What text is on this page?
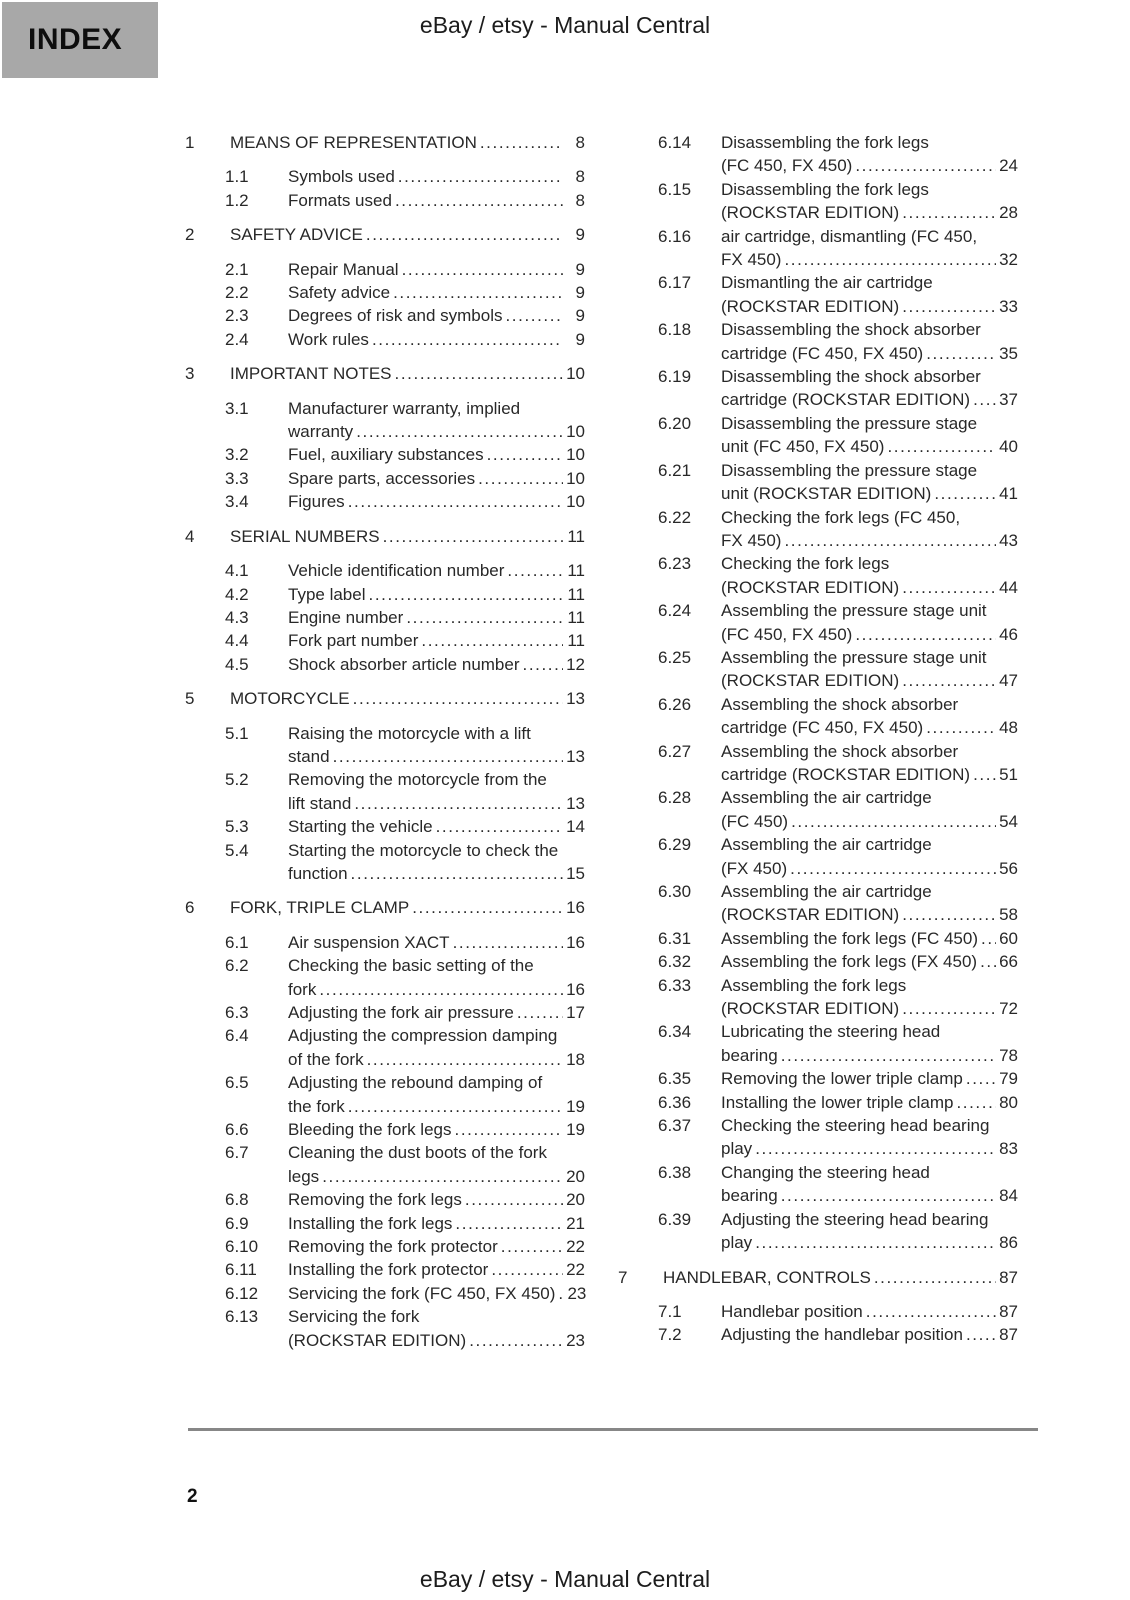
INDEX	eBay / etsy - Manual Central
1 MEANS OF REPRESENTATION .....	8
1.1 Symbols used .....	8
1.2 Formats used .....	8
2 SAFETY ADVICE .....	9
2.1 Repair Manual .....	9
2.2 Safety advice .....	9
2.3 Degrees of risk and symbols .....	9
2.4 Work rules .....	9
3 IMPORTANT NOTES .....	10
3.1 Manufacturer warranty, implied
warranty .....	10
3.2 Fuel, auxiliary substances .....	10
3.3 Spare parts, accessories .....	10
3.4 Figures .....	10
4 SERIAL NUMBERS .....	11
4.1 Vehicle identification number .....	11
4.2 Type label .....	11
4.3 Engine number .....	11
4.4 Fork part number .....	11
4.5 Shock absorber article number .....	12
5 MOTORCYCLE .....	13
5.1 Raising the motorcycle with a lift
stand .....	13
5.2 Removing the motorcycle from the
lift stand .....	13
5.3 Starting the vehicle .....	14
5.4 Starting the motorcycle to check the
function .....	15
6 FORK, TRIPLE CLAMP .....	16
6.1 Air suspension XACT .....	16
6.2 Checking the basic setting of the
fork .....	16
6.3 Adjusting the fork air pressure .....	17
6.4 Adjusting the compression damping
of the fork .....	18
6.5 Adjusting the rebound damping of
the fork .....	19
6.6 Bleeding the fork legs .....	19
6.7 Cleaning the dust boots of the fork
legs .....	20
6.8 Removing the fork legs .....	20
6.9 Installing the fork legs .....	21
6.10 Removing the fork protector .....	22
6.11 Installing the fork protector .....	22
6.12 Servicing the fork (FC 450, FX 450) ..... 23
6.13 Servicing the fork
(ROCKSTAR EDITION) .....	23
6.14 Disassembling the fork legs
(FC 450, FX 450) .....	24
6.15 Disassembling the fork legs
(ROCKSTAR EDITION) .....	28
6.16 air cartridge, dismantling (FC 450,
FX 450) .....	32
6.17 Dismantling the air cartridge
(ROCKSTAR EDITION) .....	33
6.18 Disassembling the shock absorber
cartridge (FC 450, FX 450) .....	35
6.19 Disassembling the shock absorber
cartridge (ROCKSTAR EDITION) ..... 37
6.20 Disassembling the pressure stage
unit (FC 450, FX 450) .....	40
6.21 Disassembling the pressure stage
unit (ROCKSTAR EDITION) .....	41
6.22 Checking the fork legs (FC 450,
FX 450) .....	43
6.23 Checking the fork legs
(ROCKSTAR EDITION) .....	44
6.24 Assembling the pressure stage unit
(FC 450, FX 450) .....	46
6.25 Assembling the pressure stage unit
(ROCKSTAR EDITION) .....	47
6.26 Assembling the shock absorber
cartridge (FC 450, FX 450) .....	48
6.27 Assembling the shock absorber
cartridge (ROCKSTAR EDITION) ..... 51
6.28 Assembling the air cartridge
(FC 450) .....	54
6.29 Assembling the air cartridge
(FX 450) .....	56
6.30 Assembling the air cartridge
(ROCKSTAR EDITION) .....	58
6.31 Assembling the fork legs (FC 450) ..... 60
6.32 Assembling the fork legs (FX 450) ..... 66
6.33 Assembling the fork legs
(ROCKSTAR EDITION) .....	72
6.34 Lubricating the steering head
bearing .....	78
6.35 Removing the lower triple clamp ..... 79
6.36 Installing the lower triple clamp .....	80
6.37 Checking the steering head bearing
play .....	83
6.38 Changing the steering head
bearing .....	84
6.39 Adjusting the steering head bearing
play .....	86
7 HANDLEBAR, CONTROLS .....	87
7.1 Handlebar position .....	87
7.2 Adjusting the handlebar position ..... 87
2
eBay / etsy - Manual Central
